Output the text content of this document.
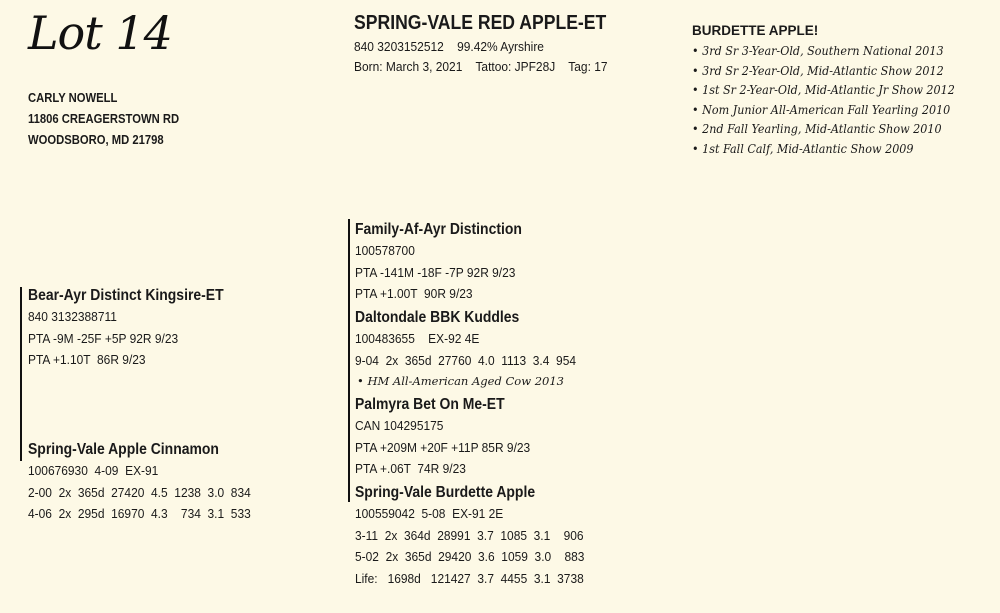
Lot 14
CARLY NOWELL
11806 CREAGERSTOWN RD
WOODSBORO, MD 21798
SPRING-VALE RED APPLE-ET
840 3203152512    99.42% Ayrshire
Born: March 3, 2021    Tattoo: JPF28J    Tag: 17
BURDETTE APPLE!
• 3rd Sr 3-Year-Old, Southern National 2013
• 3rd Sr 2-Year-Old, Mid-Atlantic Show 2012
• 1st Sr 2-Year-Old, Mid-Atlantic Jr Show 2012
• Nom Junior All-American Fall Yearling 2010
• 2nd Fall Yearling, Mid-Atlantic Show 2010
• 1st Fall Calf, Mid-Atlantic Show 2009
Bear-Ayr Distinct Kingsire-ET
840 3132388711
PTA -9M -25F +5P 92R 9/23
PTA +1.10T  86R 9/23
Spring-Vale Apple Cinnamon
100676930  4-09  EX-91
2-00  2x  365d  27420  4.5  1238  3.0  834
4-06  2x  295d  16970  4.3    734  3.1  533
Family-Af-Ayr Distinction
100578700
PTA -141M -18F -7P 92R 9/23
PTA +1.00T  90R 9/23
Daltondale BBK Kuddles
100483655    EX-92 4E
9-04  2x  365d  27760  4.0  1113  3.4  954
• HM All-American Aged Cow 2013
Palmyra Bet On Me-ET
CAN 104295175
PTA +209M +20F +11P 85R 9/23
PTA +.06T  74R 9/23
Spring-Vale Burdette Apple
100559042  5-08  EX-91 2E
3-11  2x  364d  28991  3.7  1085  3.1    906
5-02  2x  365d  29420  3.6  1059  3.0    883
Life:   1698d   121427  3.7  4455  3.1  3738
